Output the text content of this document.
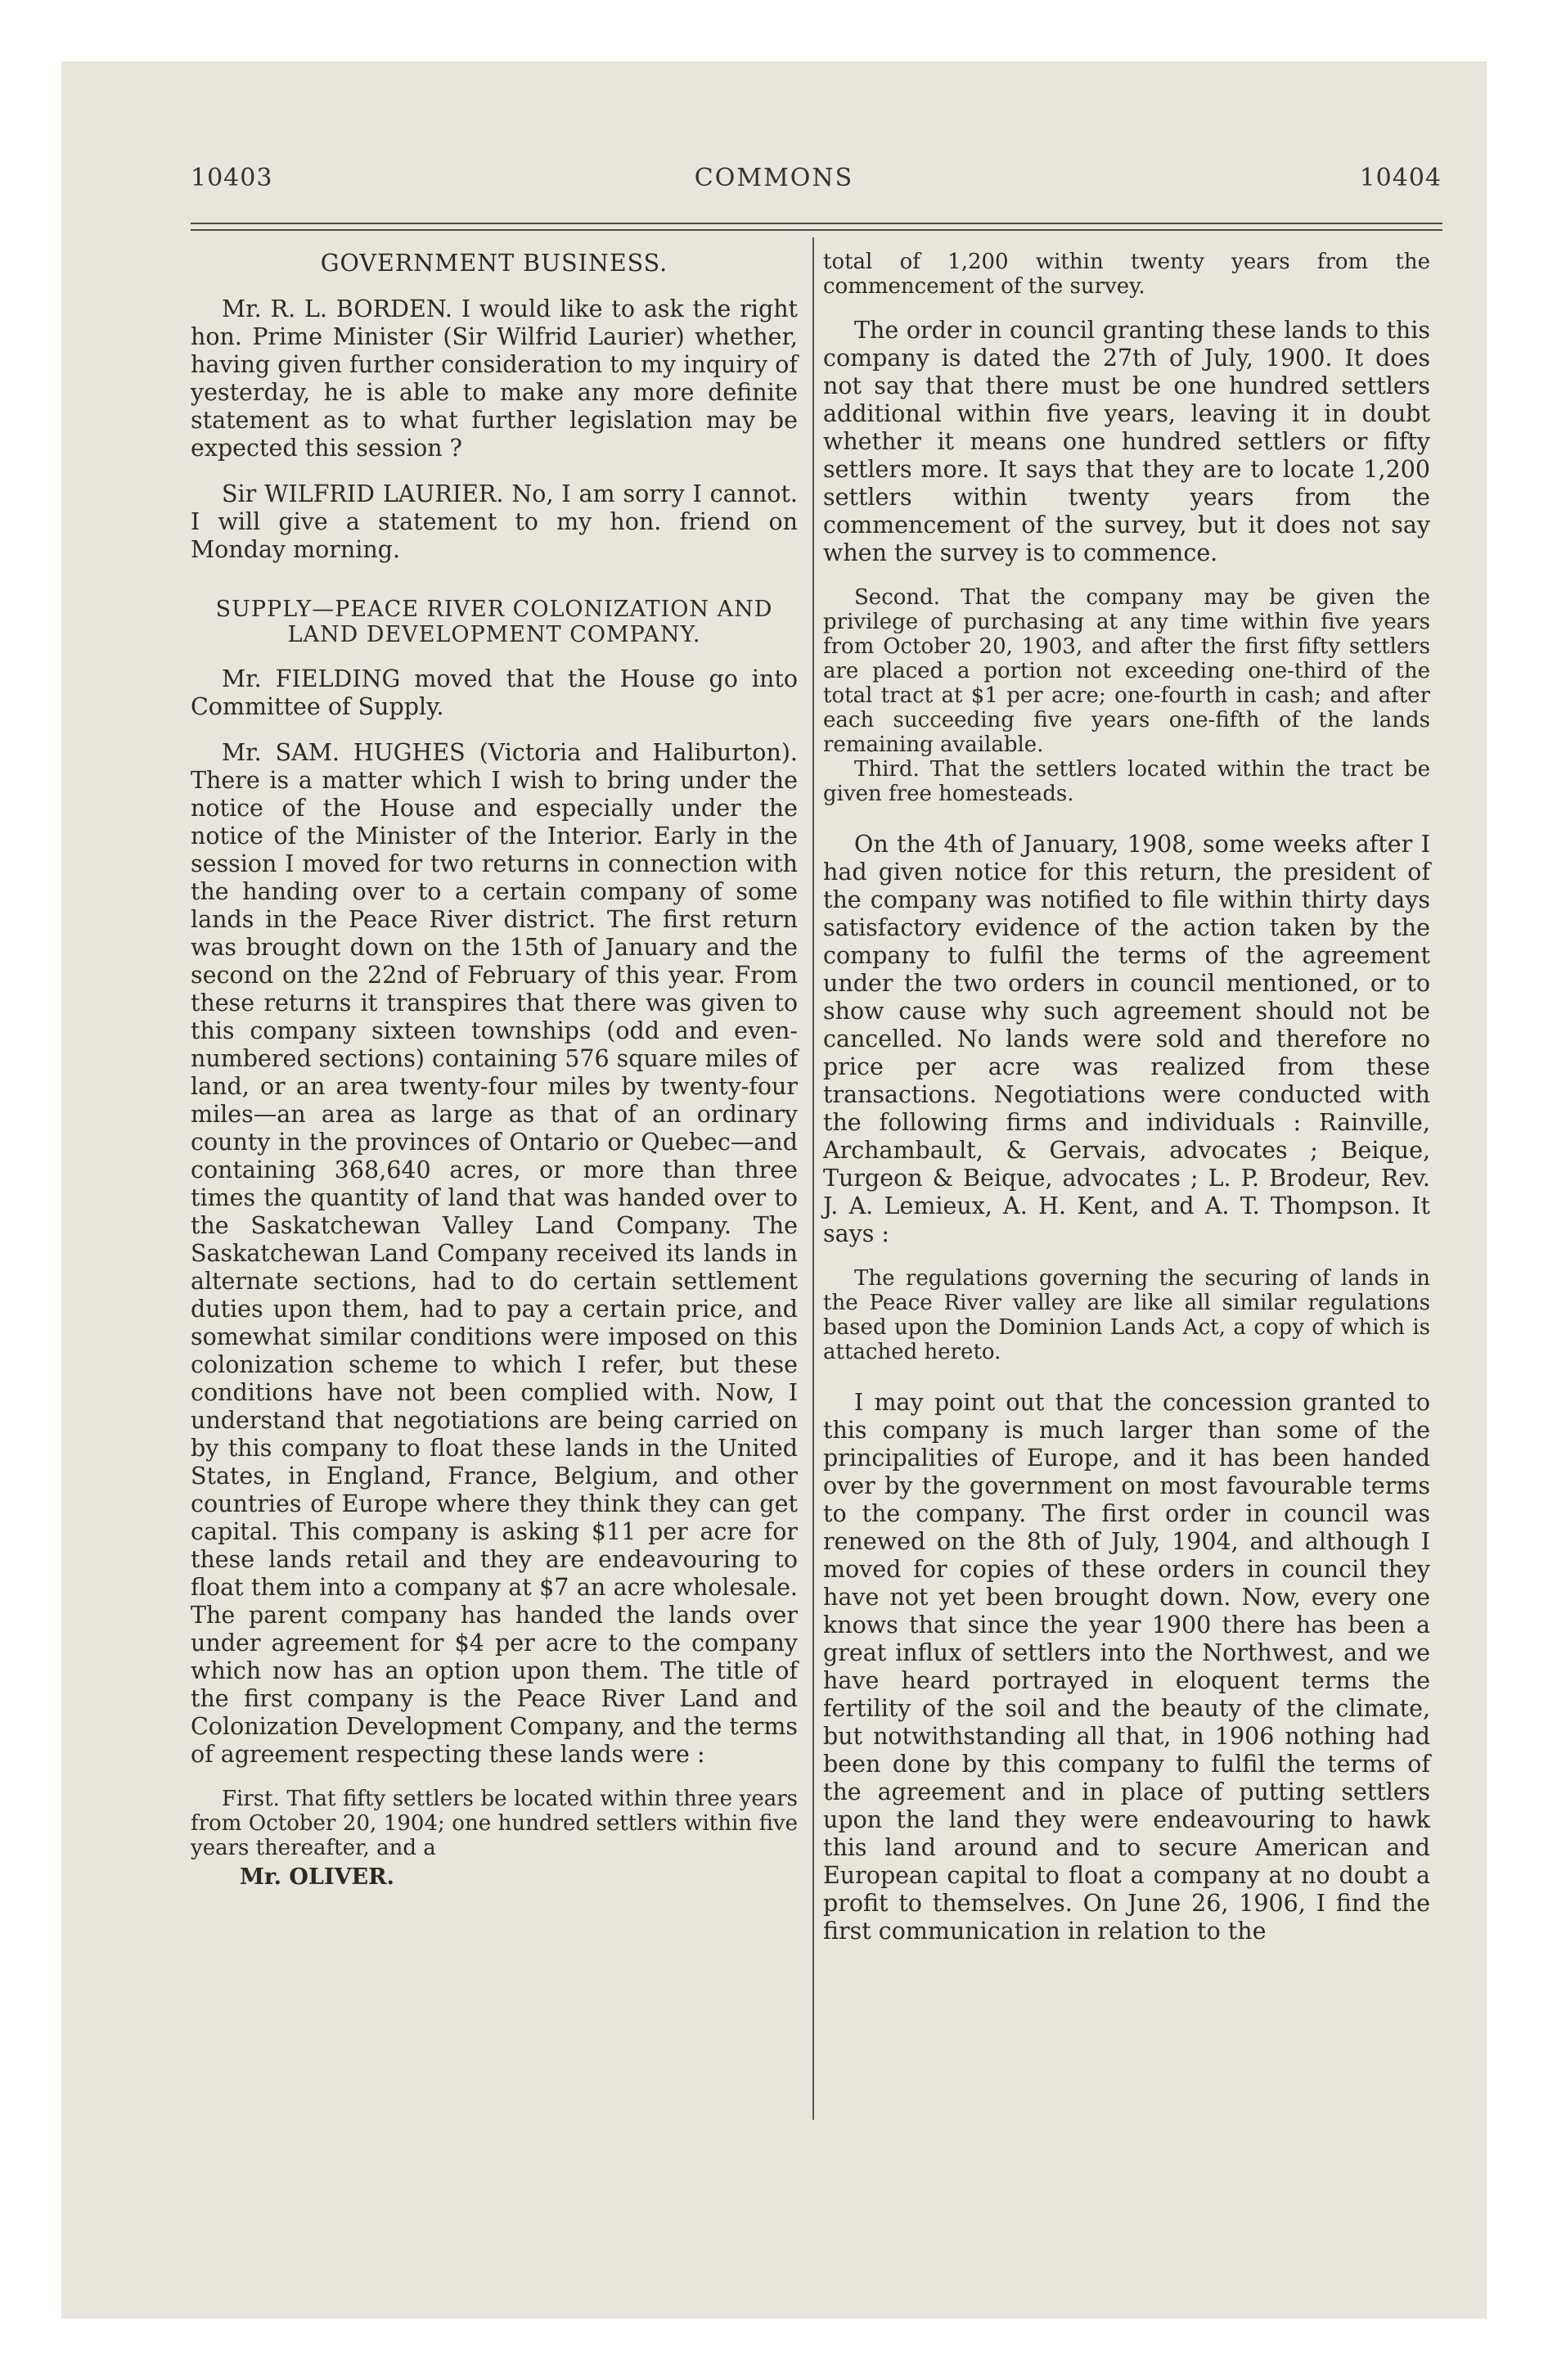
10403	COMMONS	10404

GOVERNMENT BUSINESS.

Mr. R. L. BORDEN. I would like to ask the right hon. Prime Minister (Sir Wilfrid Laurier) whether, having given further consideration to my inquiry of yesterday, he is able to make any more definite statement as to what further legislation may be expected this session ?

Sir WILFRID LAURIER. No, I am sorry I cannot. I will give a statement to my hon. friend on Monday morning.

SUPPLY—PEACE RIVER COLONIZATION AND LAND DEVELOPMENT COMPANY.

Mr. FIELDING moved that the House go into Committee of Supply.

Mr. SAM. HUGHES (Victoria and Haliburton). There is a matter which I wish to bring under the notice of the House and especially under the notice of the Minister of the Interior. Early in the session I moved for two returns in connection with the handing over to a certain company of some lands in the Peace River district. The first return was brought down on the 15th of January and the second on the 22nd of February of this year. From these returns it transpires that there was given to this company sixteen townships (odd and even-numbered sections) containing 576 square miles of land, or an area twenty-four miles by twenty-four miles—an area as large as that of an ordinary county in the provinces of Ontario or Quebec—and containing 368,640 acres, or more than three times the quantity of land that was handed over to the Saskatchewan Valley Land Company. The Saskatchewan Land Company received its lands in alternate sections, had to do certain settlement duties upon them, had to pay a certain price, and somewhat similar conditions were imposed on this colonization scheme to which I refer, but these conditions have not been complied with. Now, I understand that negotiations are being carried on by this company to float these lands in the United States, in England, France, Belgium, and other countries of Europe where they think they can get capital. This company is asking $11 per acre for these lands retail and they are endeavouring to float them into a company at $7 an acre wholesale. The parent company has handed the lands over under agreement for $4 per acre to the company which now has an option upon them. The title of the first company is the Peace River Land and Colonization Development Company, and the terms of agreement respecting these lands were :

First. That fifty settlers be located within three years from October 20, 1904; one hundred settlers within five years thereafter, and a

Mr. OLIVER.

total of 1,200 within twenty years from the commencement of the survey.

The order in council granting these lands to this company is dated the 27th of July, 1900. It does not say that there must be one hundred settlers additional within five years, leaving it in doubt whether it means one hundred settlers or fifty settlers more. It says that they are to locate 1,200 settlers within twenty years from the commencement of the survey, but it does not say when the survey is to commence.

Second. That the company may be given the privilege of purchasing at any time within five years from October 20, 1903, and after the first fifty settlers are placed a portion not exceeding one-third of the total tract at $1 per acre; one-fourth in cash; and after each succeeding five years one-fifth of the lands remaining available.

Third. That the settlers located within the tract be given free homesteads.

On the 4th of January, 1908, some weeks after I had given notice for this return, the president of the company was notified to file within thirty days satisfactory evidence of the action taken by the company to fulfil the terms of the agreement under the two orders in council mentioned, or to show cause why such agreement should not be cancelled. No lands were sold and therefore no price per acre was realized from these transactions. Negotiations were conducted with the following firms and individuals : Rainville, Archambault, & Gervais, advocates ; Beique, Turgeon & Beique, advocates ; L. P. Brodeur, Rev. J. A. Lemieux, A. H. Kent, and A. T. Thompson. It says :

The regulations governing the securing of lands in the Peace River valley are like all similar regulations based upon the Dominion Lands Act, a copy of which is attached hereto.

I may point out that the concession granted to this company is much larger than some of the principalities of Europe, and it has been handed over by the government on most favourable terms to the company. The first order in council was renewed on the 8th of July, 1904, and although I moved for copies of these orders in council they have not yet been brought down. Now, every one knows that since the year 1900 there has been a great influx of settlers into the Northwest, and we have heard portrayed in eloquent terms the fertility of the soil and the beauty of the climate, but notwithstanding all that, in 1906 nothing had been done by this company to fulfil the terms of the agreement and in place of putting settlers upon the land they were endeavouring to hawk this land around and to secure American and European capital to float a company at no doubt a profit to themselves. On June 26, 1906, I find the first communication in relation to the
